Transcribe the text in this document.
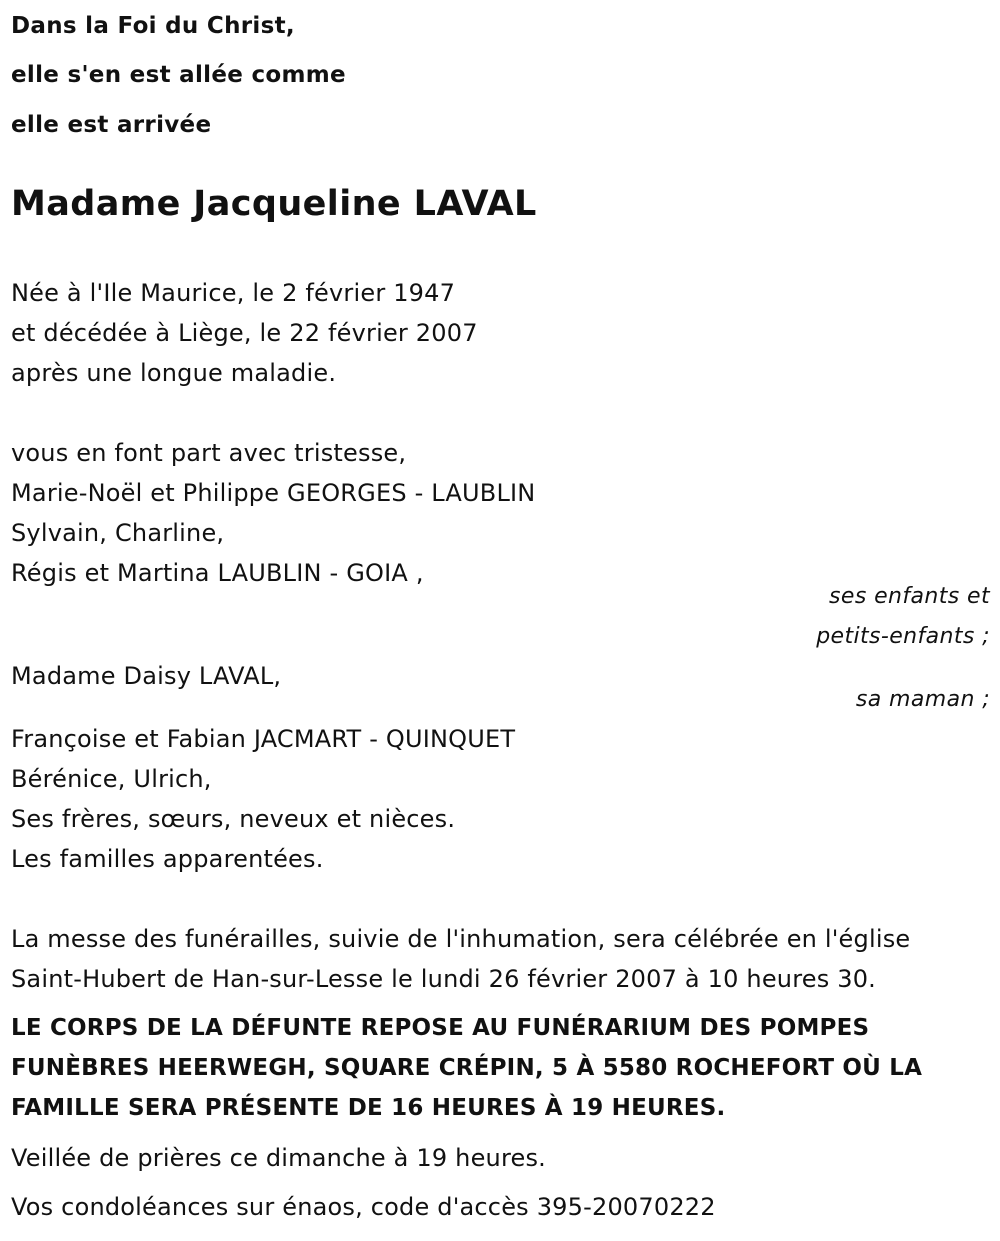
Dans la Foi du Christ,

elle s'en est allée comme

elle est arrivée

Madame Jacqueline LAVAL

Née à l'Ile Maurice, le 2 février 1947

et décédée à Liège, le 22 février 2007

après une longue maladie.

vous en font part avec tristesse,

Marie-Noël et Philippe GEORGES - LAUBLIN

Sylvain, Charline,

Régis et Martina LAUBLIN - GOIA ,

ses enfants et

petits-enfants ;

Madame Daisy LAVAL,

sa maman ;

Françoise et Fabian JACMART - QUINQUET

Bérénice, Ulrich,

Ses frères, sœurs, neveux et nièces.

Les familles apparentées.

La messe des funérailles, suivie de l'inhumation, sera célébrée en l'église

Saint-Hubert de Han-sur-Lesse le lundi 26 février 2007 à 10 heures 30.

LE CORPS DE LA DÉFUNTE REPOSE AU FUNÉRARIUM DES POMPES

FUNÈBRES HEERWEGH, SQUARE CRÉPIN, 5 À 5580 ROCHEFORT OÙ LA

FAMILLE SERA PRÉSENTE DE 16 HEURES À 19 HEURES.

Veillée de prières ce dimanche à 19 heures.

Vos condoléances sur énaos, code d'accès 395-20070222
